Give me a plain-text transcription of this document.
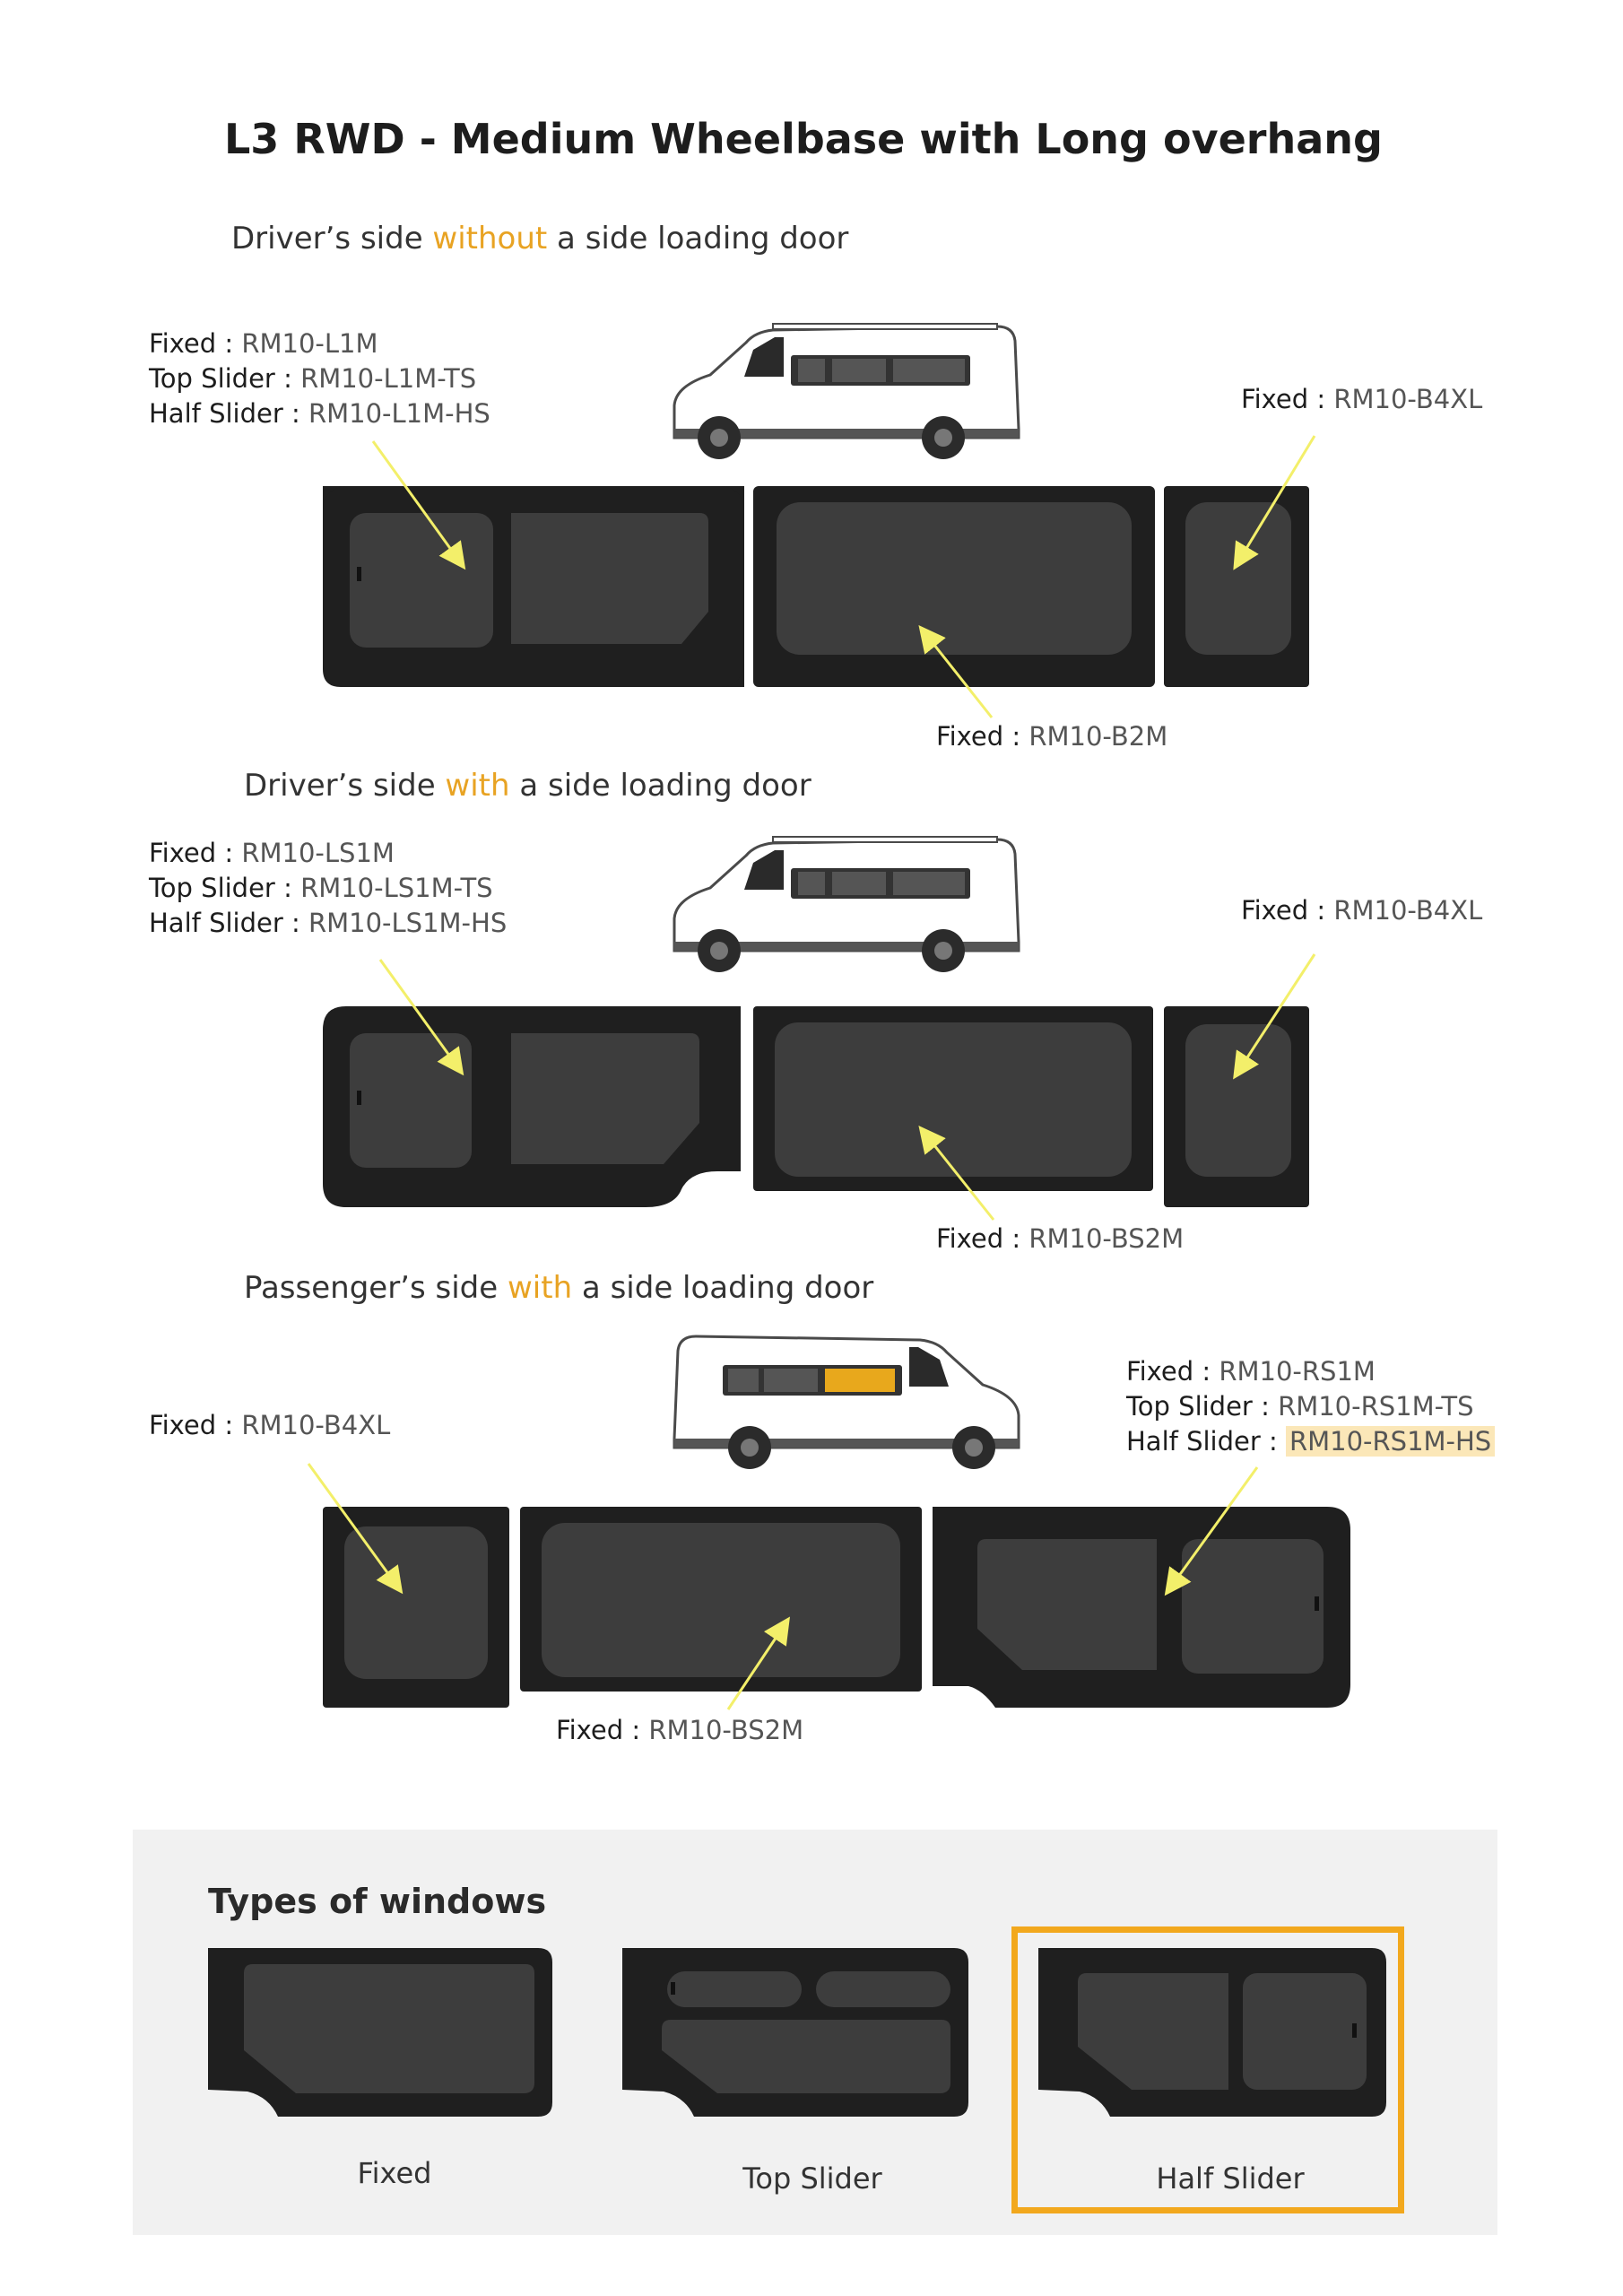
L3 RWD - Medium Wheelbase with Long overhang
Driver’s side without a side loading door
Driver’s side with a side loading door
Passenger’s side with a side loading door
Fixed : RM10-L1M
Top Slider : RM10-L1M-TS
Half Slider : RM10-L1M-HS	Fixed : RM10-B4XL
Fixed : RM10-B2M
Fixed : RM10-LS1M
Top Slider : RM10-LS1M-TS
Half Slider : RM10-LS1M-HS	Fixed : RM10-B4XL
Fixed : RM10-BS2M
Fixed : RM10-B4XL
Fixed : RM10-RS1M
Top Slider : RM10-RS1M-TS
Half Slider : RM10-RS1M-HS
Fixed : RM10-BS2M
Types of windows
Fixed	Top Slider	Half Slider
